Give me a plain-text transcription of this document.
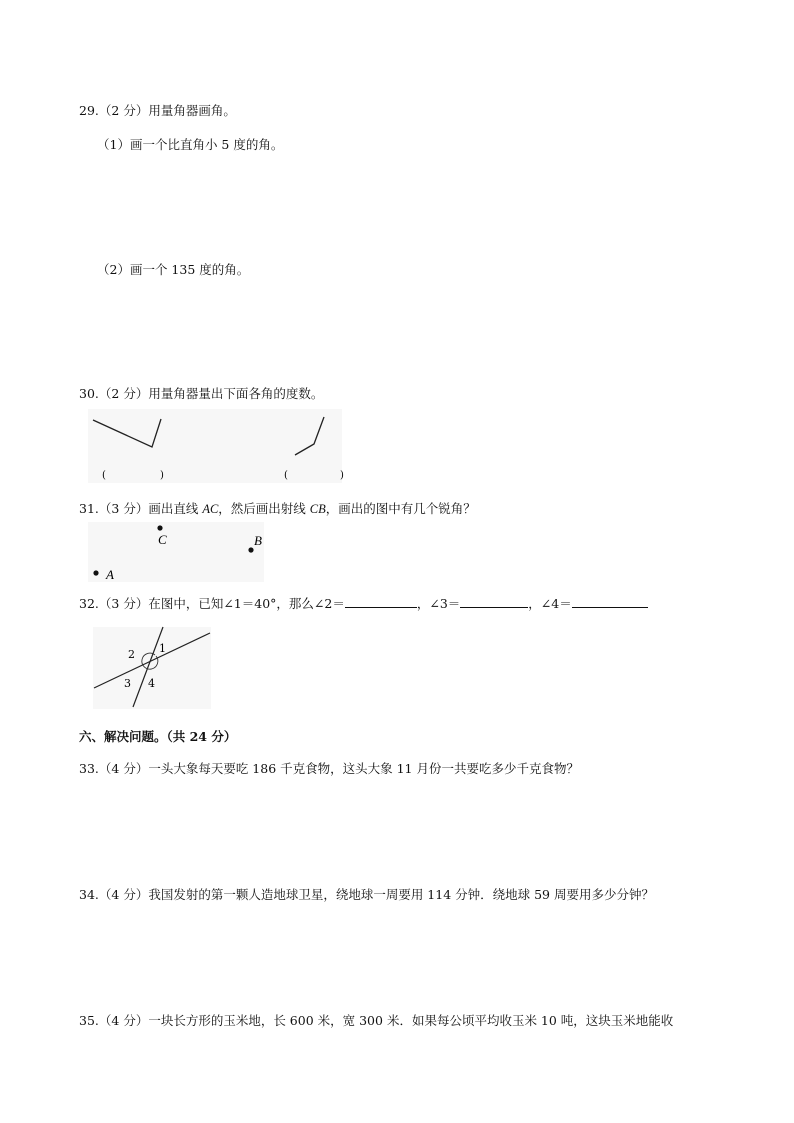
29.（2 分）用量角器画角。
（1）画一个比直角小 5 度的角。
（2）画一个 135 度的角。
30.（2 分）用量角器量出下面各角的度数。
(	)	(	)
31.（3 分）画出直线 AC，然后画出射线 CB，画出的图中有几个锐角？
C	B
A
32.（3 分）在图中，已知∠1＝40°，那么∠2＝	，∠3＝	，∠4＝
1
2
3 4
六、解决问题。（共 24 分）
33.（4 分）一头大象每天要吃 186 千克食物，这头大象 11 月份一共要吃多少千克食物？
34.（4 分）我国发射的第一颗人造地球卫星，绕地球一周要用 114 分钟．绕地球 59 周要用多少分钟？
35.（4 分）一块长方形的玉米地，长 600 米，宽 300 米．如果每公顷平均收玉米 10 吨，这块玉米地能收
